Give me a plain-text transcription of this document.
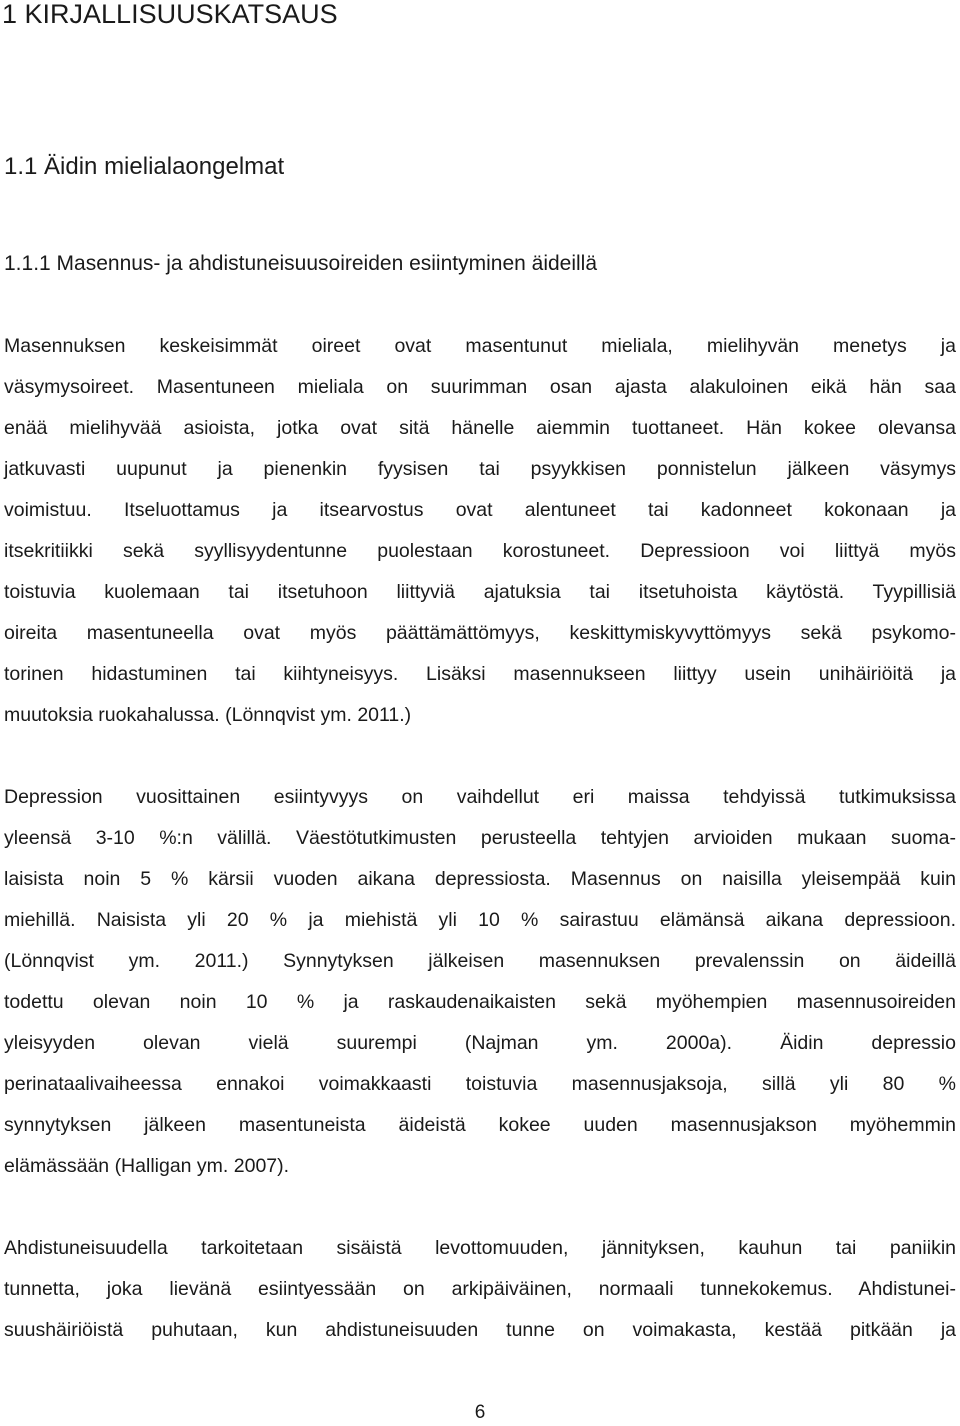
1 KIRJALLISUUSKATSAUS
1.1 Äidin mielialaongelmat
1.1.1 Masennus- ja ahdistuneisuusoireiden esiintyminen äideillä
Masennuksen keskeisimmät oireet ovat masentunut mieliala, mielihyvän menetys ja
väsymysoireet. Masentuneen mieliala on suurimman osan ajasta alakuloinen eikä hän saa
enää mielihyvää asioista, jotka ovat sitä hänelle aiemmin tuottaneet. Hän kokee olevansa
jatkuvasti uupunut ja pienenkin fyysisen tai psyykkisen ponnistelun jälkeen väsymys
voimistuu. Itseluottamus ja itsearvostus ovat alentuneet tai kadonneet kokonaan ja
itsekritiikki sekä syyllisyydentunne puolestaan korostuneet. Depressioon voi liittyä myös
toistuvia kuolemaan tai itsetuhoon liittyviä ajatuksia tai itsetuhoista käytöstä. Tyypillisiä
oireita masentuneella ovat myös päättämättömyys, keskittymiskyvyttömyys sekä psykomo-
torinen hidastuminen tai kiihtyneisyys. Lisäksi masennukseen liittyy usein unihäiriöitä ja
muutoksia ruokahalussa. (Lönnqvist ym. 2011.)
Depression vuosittainen esiintyvyys on vaihdellut eri maissa tehdyissä tutkimuksissa
yleensä 3-10 %:n välillä. Väestötutkimusten perusteella tehtyjen arvioiden mukaan suoma-
laisista noin 5 % kärsii vuoden aikana depressiosta. Masennus on naisilla yleisempää kuin
miehillä. Naisista yli 20 % ja miehistä yli 10 % sairastuu elämänsä aikana depressioon.
(Lönnqvist ym. 2011.) Synnytyksen jälkeisen masennuksen prevalenssin on äideillä
todettu olevan noin 10 % ja raskaudenaikaisten sekä myöhempien masennusoireiden
yleisyyden olevan vielä suurempi (Najman ym. 2000a). Äidin depressio
perinataalivaiheessa ennakoi voimakkaasti toistuvia masennusjaksoja, sillä yli 80 %
synnytyksen jälkeen masentuneista äideistä kokee uuden masennusjakson myöhemmin
elämässään (Halligan ym. 2007).
Ahdistuneisuudella tarkoitetaan sisäistä levottomuuden, jännityksen, kauhun tai paniikin
tunnetta, joka lievänä esiintyessään on arkipäiväinen, normaali tunnekokemus. Ahdistunei-
suushäiriöistä puhutaan, kun ahdistuneisuuden tunne on voimakasta, kestää pitkään ja
6
